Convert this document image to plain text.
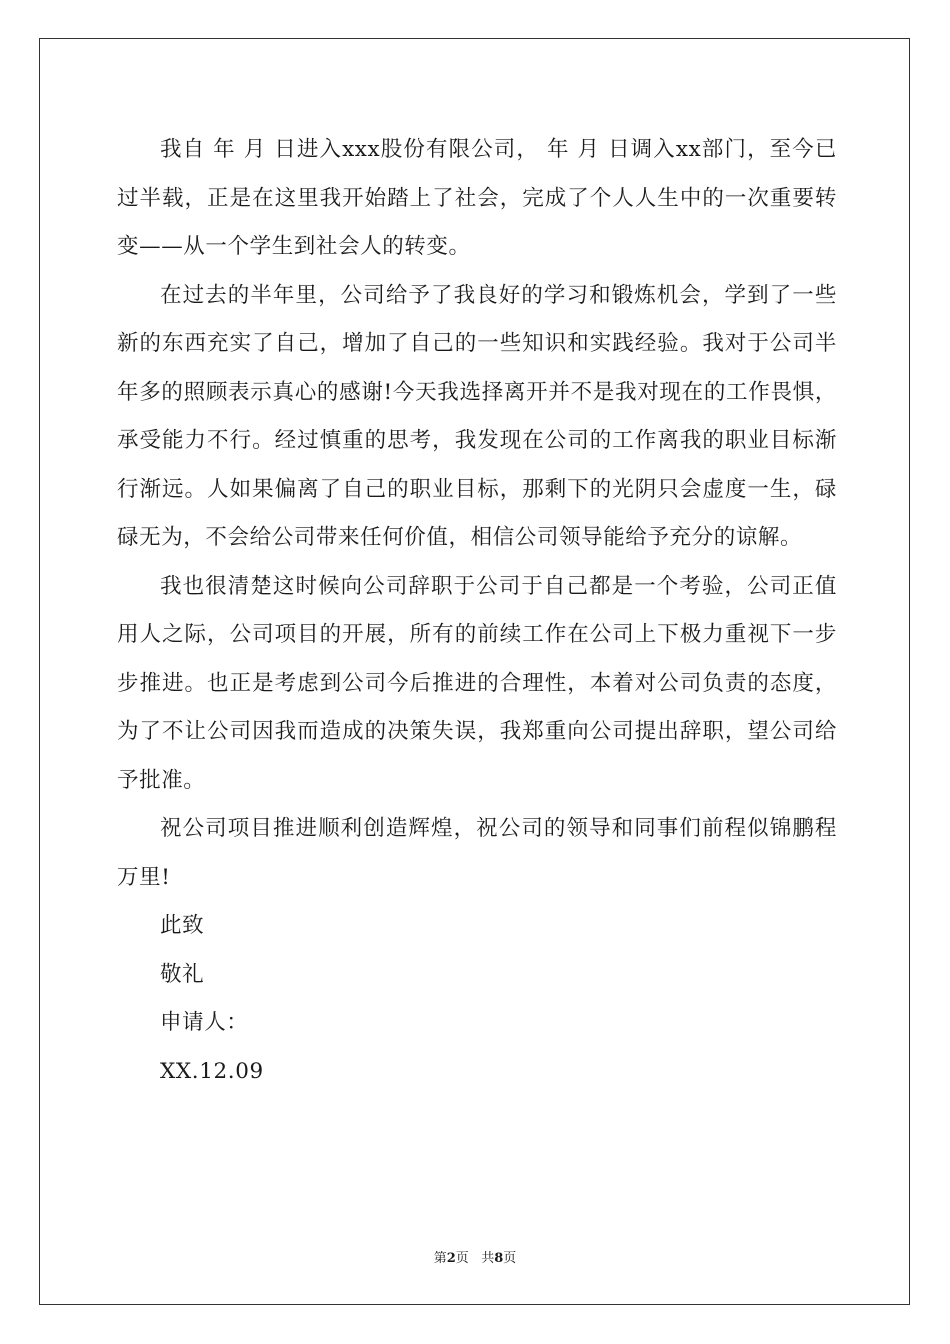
我自 年 月 日进入xxx股份有限公司， 年 月 日调入xx部门，至今已过半载，正是在这里我开始踏上了社会，完成了个人人生中的一次重要转变——从一个学生到社会人的转变。

在过去的半年里，公司给予了我良好的学习和锻炼机会，学到了一些新的东西充实了自己，增加了自己的一些知识和实践经验。我对于公司半年多的照顾表示真心的感谢!今天我选择离开并不是我对现在的工作畏惧，承受能力不行。经过慎重的思考，我发现在公司的工作离我的职业目标渐行渐远。人如果偏离了自己的职业目标，那剩下的光阴只会虚度一生，碌碌无为，不会给公司带来任何价值，相信公司领导能给予充分的谅解。

我也很清楚这时候向公司辞职于公司于自己都是一个考验，公司正值用人之际，公司项目的开展，所有的前续工作在公司上下极力重视下一步步推进。也正是考虑到公司今后推进的合理性，本着对公司负责的态度，为了不让公司因我而造成的决策失误，我郑重向公司提出辞职，望公司给予批准。

祝公司项目推进顺利创造辉煌，祝公司的领导和同事们前程似锦鹏程万里!

此致

敬礼

申请人：

XX.12.09

第2页 共8页
